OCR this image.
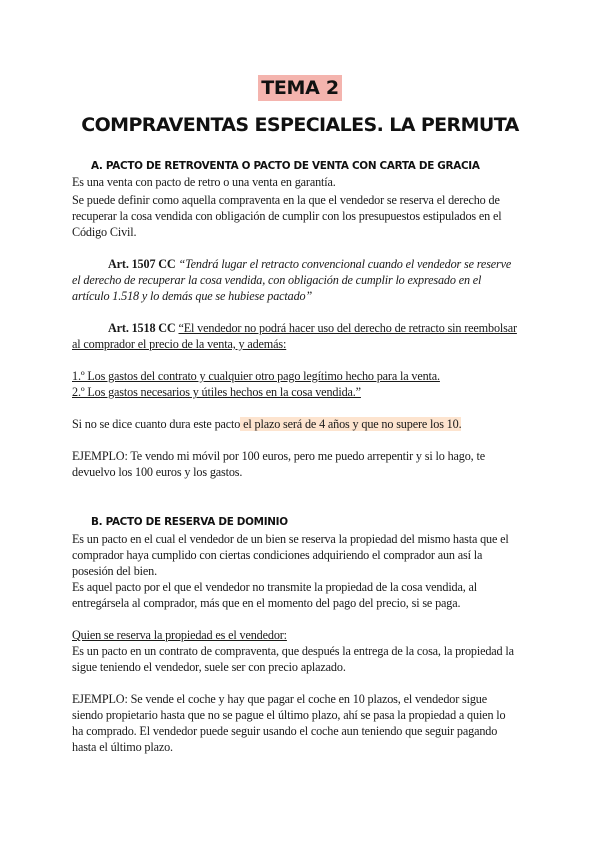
TEMA 2
COMPRAVENTAS ESPECIALES. LA PERMUTA
A. PACTO DE RETROVENTA O PACTO DE VENTA CON CARTA DE GRACIA
Es una venta con pacto de retro o una venta en garantía.
Se puede definir como aquella compraventa en la que el vendedor se reserva el derecho de
recuperar la cosa vendida con obligación de cumplir con los presupuestos estipulados en el
Código Civil.
Art. 1507 CC “Tendrá lugar el retracto convencional cuando el vendedor se reserve
el derecho de recuperar la cosa vendida, con obligación de cumplir lo expresado en el
artículo 1.518 y lo demás que se hubiese pactado”
Art. 1518 CC “El vendedor no podrá hacer uso del derecho de retracto sin reembolsar
al comprador el precio de la venta, y además:
1.º Los gastos del contrato y cualquier otro pago legítimo hecho para la venta.
2.º Los gastos necesarios y útiles hechos en la cosa vendida.”
Si no se dice cuanto dura este pacto el plazo será de 4 años y que no supere los 10.
EJEMPLO: Te vendo mi móvil por 100 euros, pero me puedo arrepentir y si lo hago, te
devuelvo los 100 euros y los gastos.
B. PACTO DE RESERVA DE DOMINIO
Es un pacto en el cual el vendedor de un bien se reserva la propiedad del mismo hasta que el
comprador haya cumplido con ciertas condiciones adquiriendo el comprador aun así la
posesión del bien.
Es aquel pacto por el que el vendedor no transmite la propiedad de la cosa vendida, al
entregársela al comprador, más que en el momento del pago del precio, si se paga.
Quien se reserva la propiedad es el vendedor:
Es un pacto en un contrato de compraventa, que después la entrega de la cosa, la propiedad la
sigue teniendo el vendedor, suele ser con precio aplazado.
EJEMPLO: Se vende el coche y hay que pagar el coche en 10 plazos, el vendedor sigue
siendo propietario hasta que no se pague el último plazo, ahí se pasa la propiedad a quien lo
ha comprado. El vendedor puede seguir usando el coche aun teniendo que seguir pagando
hasta el último plazo.
